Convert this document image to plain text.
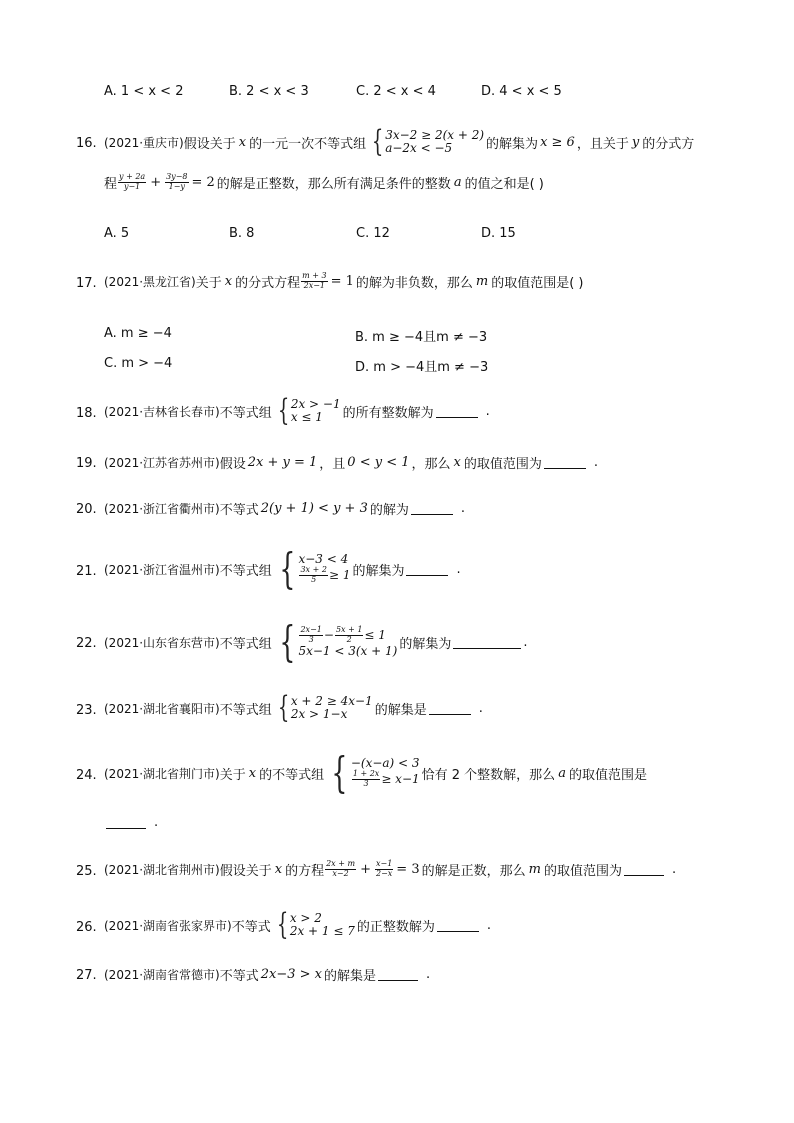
A. 1 < x < 2	B. 2 < x < 3	C. 2 < x < 4	D. 4 < x < 5
16. (2021·重庆市) 假设关于 x 的一元一次不等式组 { 3x−2 ≥ 2(x + 2)
a−2x < −5	的解集为 x ≥ 6 ，且关于 y 的分式方
程 $\frac{y + 2a}{y-1} + \frac{3y-8}{1-y} = 2$ 的解是正整数，那么所有满足条件的整数 a 的值之和是( )
A. 5	B. 8	C. 12	D. 15
17. (2021·黑龙江省) 关于 x 的分式方程 $\frac{m + 3}{2x-1} = 1$ 的解为非负数，那么 m 的取值范围是( )
A. m ≥ −4	B. m ≥ −4且m ≠ −3
C. m > −4	D. m > −4且m ≠ −3
18. (2021·吉林省长春市) 不等式组 { 2x > −1
x ≤ 1	的所有整数解为	.
19. (2021·江苏省苏州市) 假设 2x + y = 1 ，且 0 < y < 1 ，那么 x 的取值范围为	.
20. (2021·浙江省衢州市) 不等式 2(y + 1) < y + 3 的解为	.
21. (2021·浙江省温州市) 不等式组 { x−3 < 4
$\frac{3x + 2}{5} \ge 1$ 的解集为	.
22. (2021·山东省东营市) 不等式组 { $\frac{2x-1}{3} - \frac{5x + 1}{2} \le 1$
5x−1 < 3(x + 1) 的解集为	.
23. (2021·湖北省襄阳市) 不等式组 { x + 2 ≥ 4x−1
2x > 1−x	的解集是	.
24. (2021·湖北省荆门市) 关于 x 的不等式组 { −(x−a) < 3
$\frac{1 + 2x}{3} \ge x-1$ 恰有 2 个整数解，那么 a 的取值范围是
.
25. (2021·湖北省荆州市) 假设关于 x 的方程 $\frac{2x + m}{x-2} + \frac{x-1}{2-x} = 3$ 的解是正数，那么 m 的取值范围为	.
26. (2021·湖南省张家界市) 不等式 { x > 2
2x + 1 ≤ 7 的正整数解为	.
27. (2021·湖南省常德市) 不等式 2x−3 > x 的解集是	.
